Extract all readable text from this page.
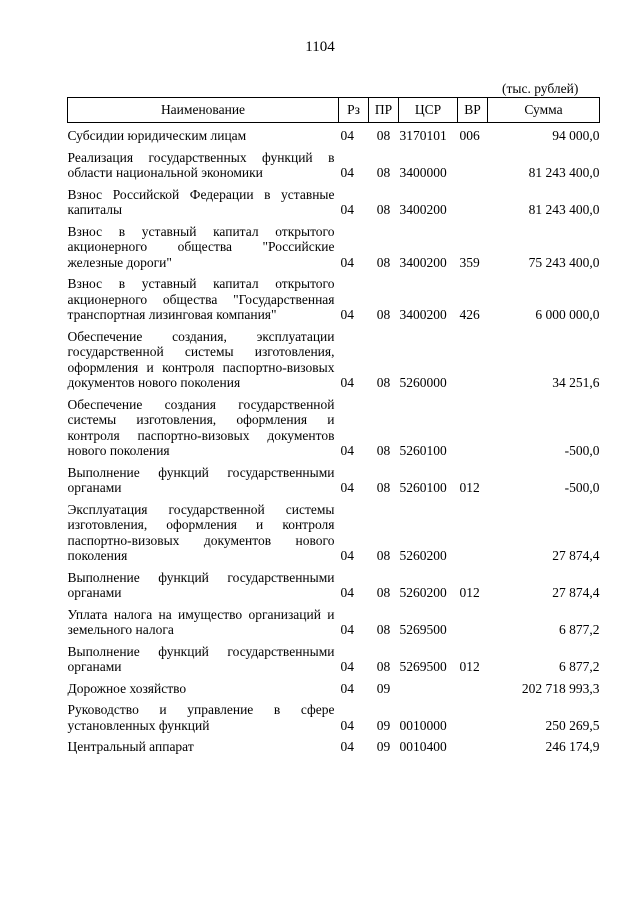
1104
(тыс. рублей)
Наименование	Рз	ПР	ЦСР	ВР	Сумма
Субсидии юридическим лицам	04	08	3170101	006	94 000,0
Реализация государственных функций в области национальной экономики	04	08	3400000		81 243 400,0
Взнос Российской Федерации в уставные капиталы	04	08	3400200		81 243 400,0
Взнос в уставный капитал открытого акционерного общества "Российские железные дороги"	04	08	3400200	359	75 243 400,0
Взнос в уставный капитал открытого акционерного общества "Государственная транспортная лизинговая компания"	04	08	3400200	426	6 000 000,0
Обеспечение создания, эксплуатации государственной системы изготовления, оформления и контроля паспортно-визовых документов нового поколения	04	08	5260000		34 251,6
Обеспечение создания государственной системы изготовления, оформления и контроля паспортно-визовых документов нового поколения	04	08	5260100		-500,0
Выполнение функций государственными органами	04	08	5260100	012	-500,0
Эксплуатация государственной системы изготовления, оформления и контроля паспортно-визовых документов нового поколения	04	08	5260200		27 874,4
Выполнение функций государственными органами	04	08	5260200	012	27 874,4
Уплата налога на имущество организаций и земельного налога	04	08	5269500		6 877,2
Выполнение функций государственными органами	04	08	5269500	012	6 877,2
Дорожное хозяйство	04	09			202 718 993,3
Руководство и управление в сфере установленных функций	04	09	0010000		250 269,5
Центральный аппарат	04	09	0010400		246 174,9
